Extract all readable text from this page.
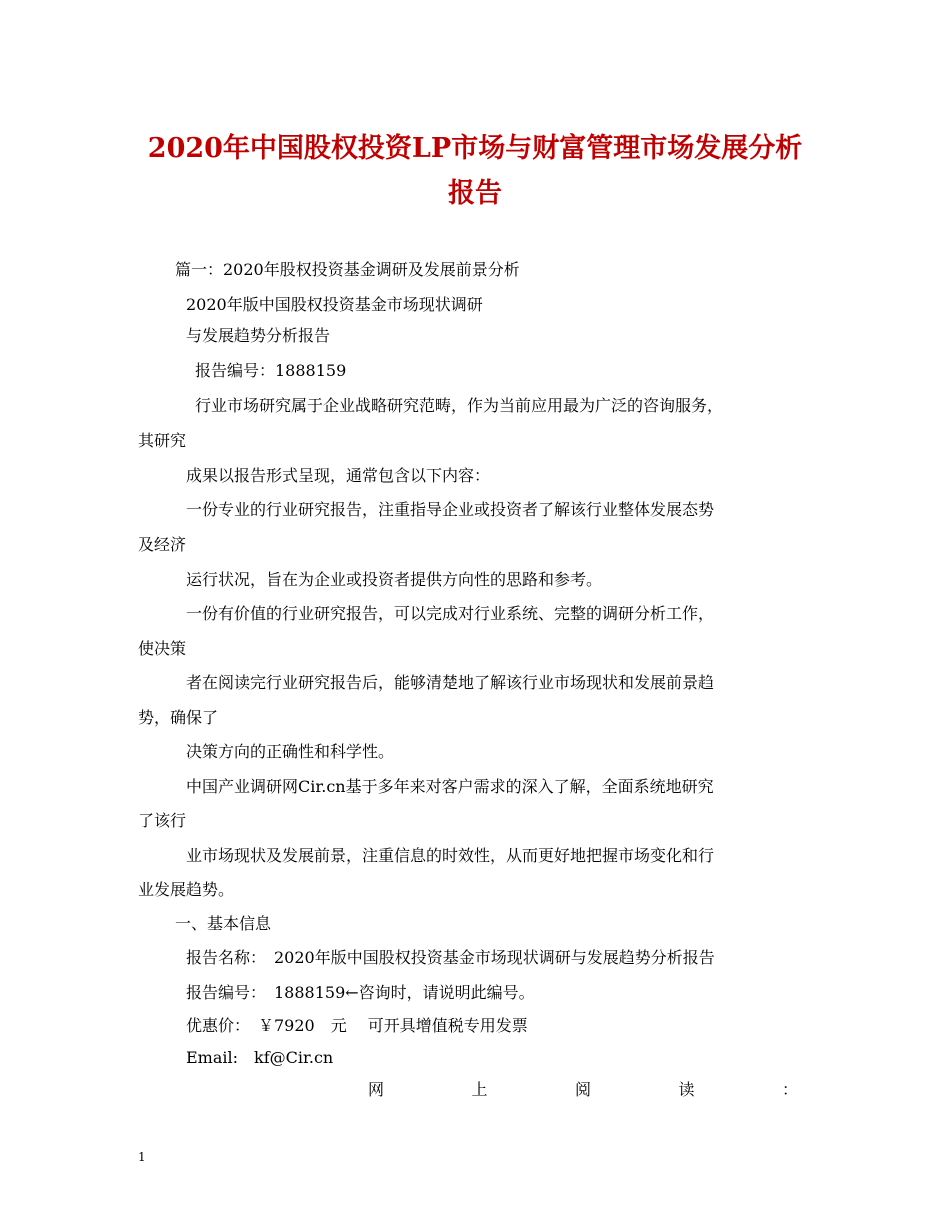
2020年中国股权投资LP市场与财富管理市场发展分析
报告
篇一：2020年股权投资基金调研及发展前景分析
2020年版中国股权投资基金市场现状调研
与发展趋势分析报告
报告编号：1888159
行业市场研究属于企业战略研究范畴，作为当前应用最为广泛的咨询服务，
其研究
成果以报告形式呈现，通常包含以下内容：
一份专业的行业研究报告，注重指导企业或投资者了解该行业整体发展态势
及经济
运行状况，旨在为企业或投资者提供方向性的思路和参考。
一份有价值的行业研究报告，可以完成对行业系统、完整的调研分析工作，
使决策
者在阅读完行业研究报告后，能够清楚地了解该行业市场现状和发展前景趋
势，确保了
决策方向的正确性和科学性。
中国产业调研网Cir.cn基于多年来对客户需求的深入了解，全面系统地研究
了该行
业市场现状及发展前景，注重信息的时效性，从而更好地把握市场变化和行
业发展趋势。
一、基本信息
报告名称：　2020年版中国股权投资基金市场现状调研与发展趋势分析报告
报告编号：　1888159←咨询时，请说明此编号。
优惠价：　￥7920　元　 可开具增值税专用发票
Email:　kf@Cir.cn
网	上	阅	读	：
1
